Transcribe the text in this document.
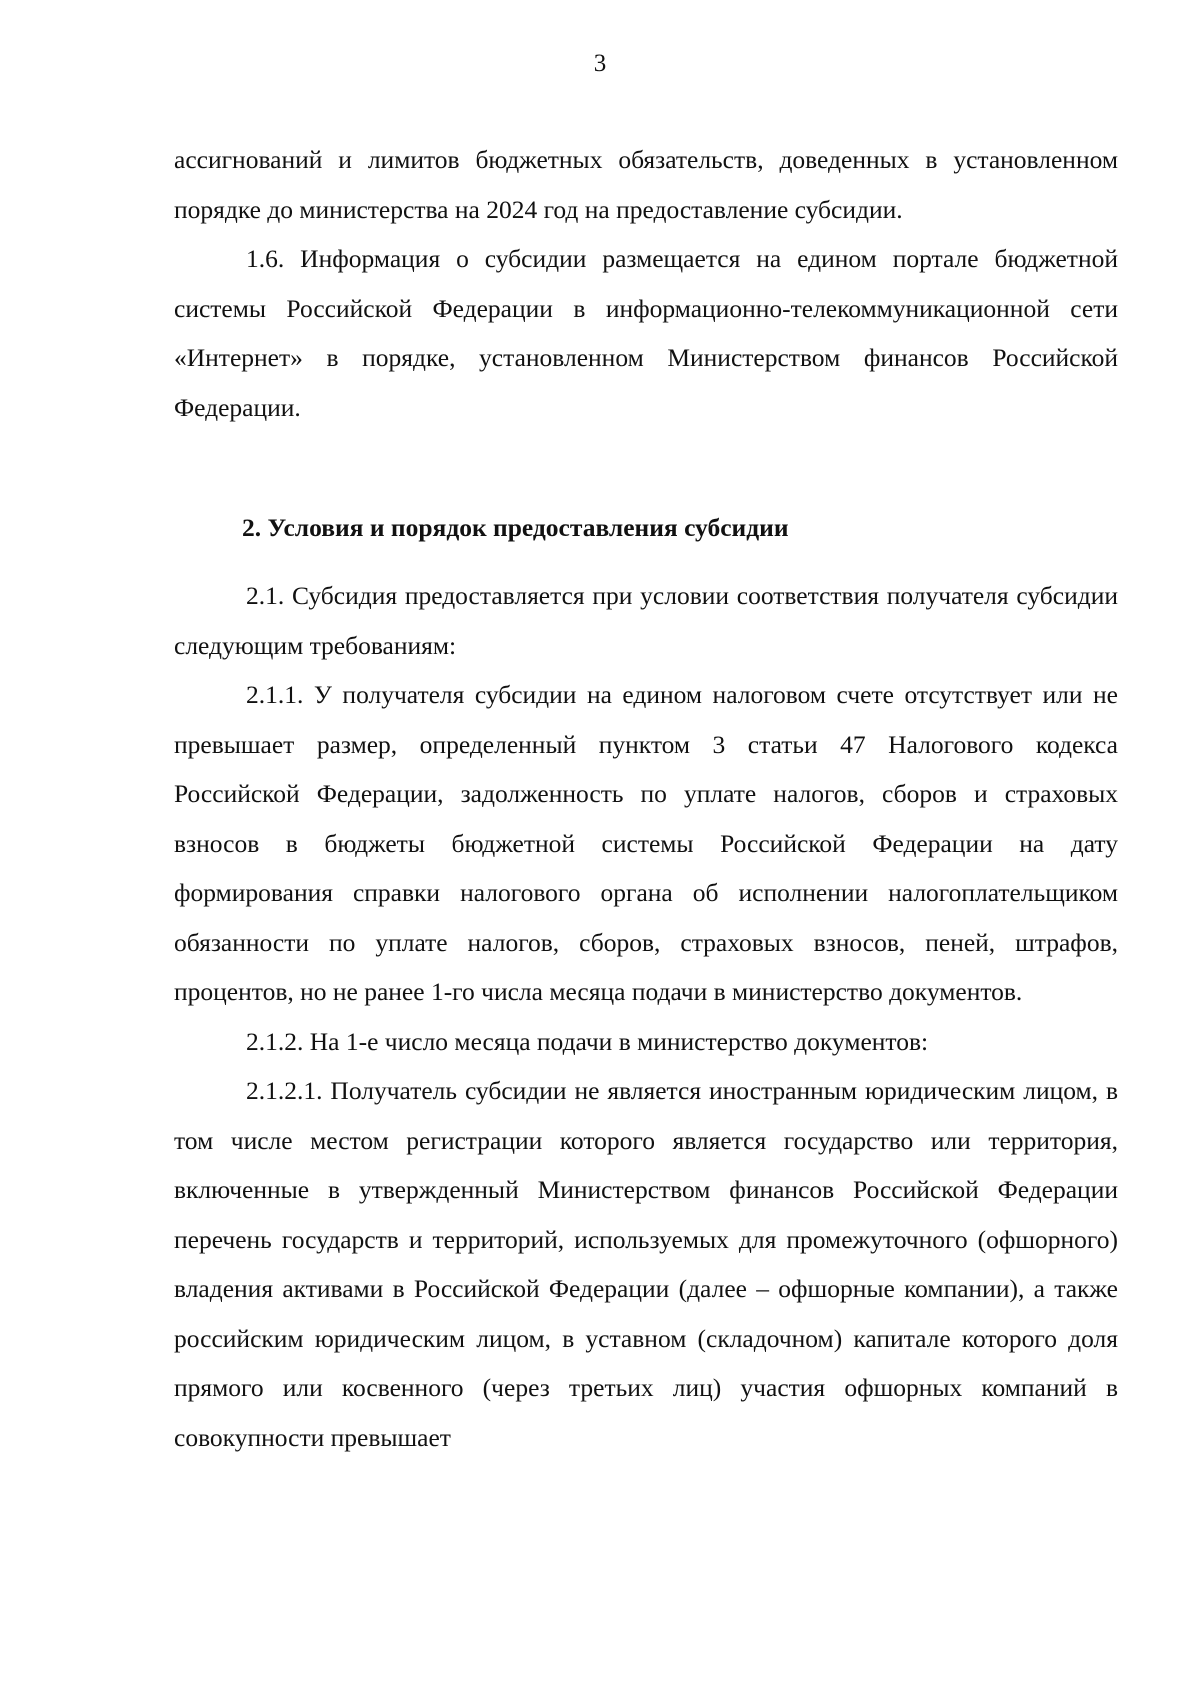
3

ассигнований и лимитов бюджетных обязательств, доведенных в установленном порядке до министерства на 2024 год на предоставление субсидии.

1.6. Информация о субсидии размещается на едином портале бюджетной системы Российской Федерации в информационно-телекоммуникационной сети «Интернет» в порядке, установленном Министерством финансов Российской Федерации.

2. Условия и порядок предоставления субсидии

2.1. Субсидия предоставляется при условии соответствия получателя субсидии следующим требованиям:

2.1.1. У получателя субсидии на едином налоговом счете отсутствует или не превышает размер, определенный пунктом 3 статьи 47 Налогового кодекса Российской Федерации, задолженность по уплате налогов, сборов и страховых взносов в бюджеты бюджетной системы Российской Федерации на дату формирования справки налогового органа об исполнении налогоплательщиком обязанности по уплате налогов, сборов, страховых взносов, пеней, штрафов, процентов, но не ранее 1-го числа месяца подачи в министерство документов.

2.1.2. На 1-е число месяца подачи в министерство документов:

2.1.2.1. Получатель субсидии не является иностранным юридическим лицом, в том числе местом регистрации которого является государство или территория, включенные в утвержденный Министерством финансов Российской Федерации перечень государств и территорий, используемых для промежуточного (офшорного) владения активами в Российской Федерации (далее – офшорные компании), а также российским юридическим лицом, в уставном (складочном) капитале которого доля прямого или косвенного (через третьих лиц) участия офшорных компаний в совокупности превышает
